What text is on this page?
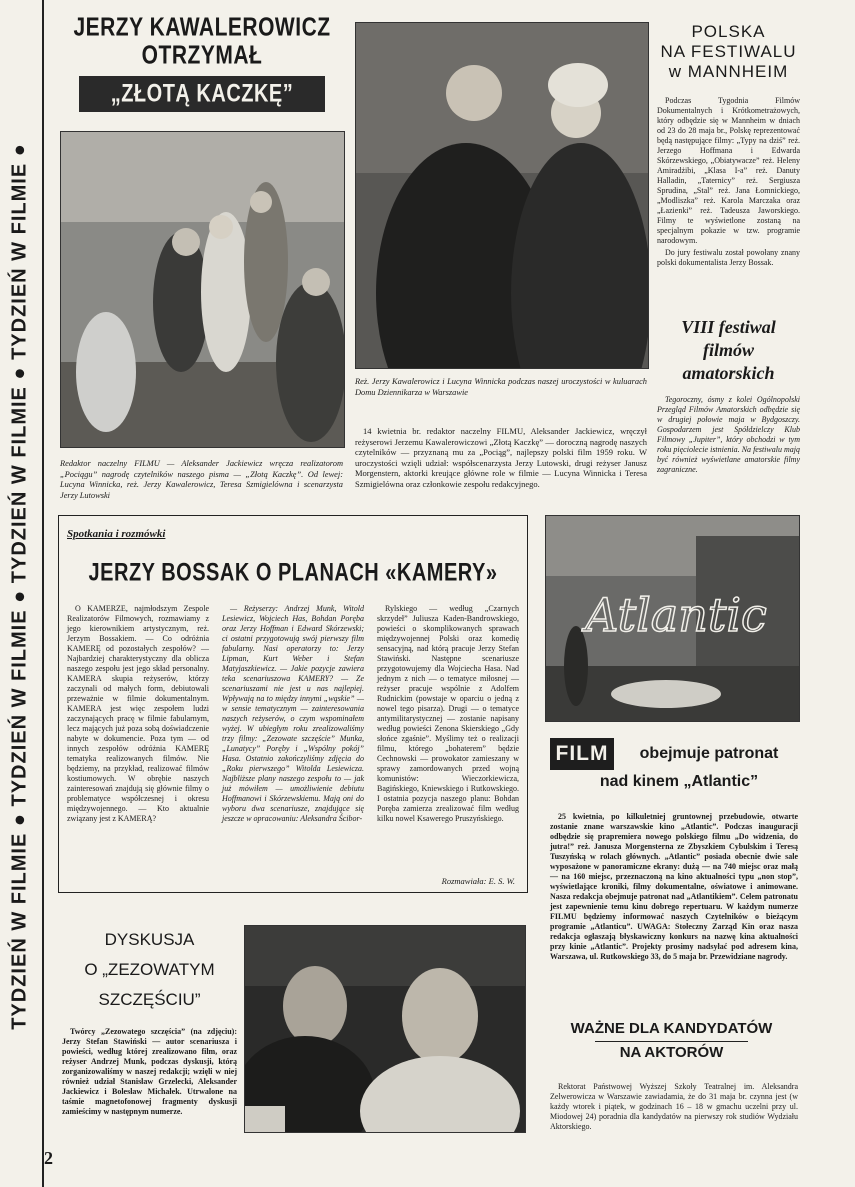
TYDZIEŃ W FILMIE ● TYDZIEŃ W FILMIE ● TYDZIEŃ W FILMIE ● TYDZIEŃ W FILMIE ●
2
JERZY KAWALEROWICZ
OTRZYMAŁ
„ZŁOTĄ KACZKĘ”
Redaktor naczelny FILMU — Aleksander Jackiewicz wręcza realizatorom „Pociągu” nagrodę czytelników naszego pisma — „Złotą Kaczkę”. Od lewej: Lucyna Winnicka, reż. Jerzy Kawalerowicz, Teresa Szmigielówna i scenarzysta Jerzy Lutowski
Reż. Jerzy Kawalerowicz i Lucyna Winnicka podczas naszej uroczystości w kuluarach Domu Dziennikarza w Warszawie

14 kwietnia br. redaktor naczelny FILMU, Aleksander Jackiewicz, wręczył reżyserowi Jerzemu Kawalerowiczowi „Złotą Kaczkę” — doroczną nagrodę naszych czytelników — przyznaną mu za „Pociąg”, najlepszy polski film 1959 roku. W uroczystości wzięli udział: współscenarzysta Jerzy Lutowski, drugi reżyser Janusz Morgenstern, aktorki kreujące główne role w filmie — Lucyna Winnicka i Teresa Szmigielówna oraz członkowie zespołu redakcyjnego.

POLSKA
NA FESTIWALU
w MANNHEIM

Podczas Tygodnia Filmów Dokumentalnych i Krótkometrażowych, który odbędzie się w Mannheim w dniach od 23 do 28 maja br., Polskę reprezentować będą następujące filmy: „Typy na dziś” reż. Jerzego Hoffmana i Edwarda Skórzewskiego, „Obiatywacze” reż. Heleny Amiradżibi, „Klasa I-a” reż. Danuty Halladin, „Taternicy” reż. Sergiusza Sprudina, „Stal” reż. Jana Łomnickiego, „Modliszka” reż. Karola Marczaka oraz „Łazienki” reż. Tadeusza Jaworskiego. Filmy te wyświetlone zostaną na specjalnym pokazie w tzw. programie narodowym.

Do jury festiwalu został powołany znany polski dokumentalista Jerzy Bossak.

VIII festiwal
filmów
amatorskich

Tegoroczny, ósmy z kolei Ogólnopolski Przegląd Filmów Amatorskich odbędzie się w drugiej połowie maja w Bydgoszczy. Gospodarzem jest Spółdzielczy Klub Filmowy „Jupiter”, który obchodzi w tym roku pięciolecie istnienia. Na festiwalu mają być również wyświetlane amatorskie filmy zagraniczne.

Spotkania i rozmówki
JERZY BOSSAK O PLANACH «KAMERY»

O KAMERZE, najmłodszym Zespole Realizatorów Filmowych, rozmawiamy z jego kierownikiem artystycznym, reż. Jerzym Bossakiem. — Co odróżnia KAMERĘ od pozostałych zespołów? — Najbardziej charakterystyczny dla oblicza naszego zespołu jest jego skład personalny. KAMERA skupia reżyserów, którzy zaczynali od małych form, debiutowali przeważnie w filmie dokumentalnym. KAMERA jest więc zespołem ludzi zaczynających pracę w filmie fabularnym, lecz mających już poza sobą doświadczenie nabyte w dokumencie. Poza tym — od innych zespołów odróżnia KAMERĘ tematyka realizowanych filmów. Nie będziemy, na przykład, realizować filmów kostiumowych. W obrębie naszych zainteresowań znajdują się głównie filmy o problematyce współczesnej i okresu międzywojennego. — Kto aktualnie związany jest z KAMERĄ?

— Reżyserzy: Andrzej Munk, Witold Lesiewicz, Wojciech Has, Bohdan Poręba oraz Jerzy Hoffman i Edward Skórzewski; ci ostatni przygotowują swój pierwszy film fabularny. Nasi operatorzy to: Jerzy Lipman, Kurt Weber i Stefan Matyjaszkiewicz. — Jakie pozycje zawiera teka scenariuszowa KAMERY? — Ze scenariuszami nie jest u nas najlepiej. Wpływają na to między innymi „wąskie” — w sensie tematycznym — zainteresowania naszych reżyserów, o czym wspominałem wyżej. W ubiegłym roku zrealizowaliśmy trzy filmy: „Zezowate szczęście” Munka, „Lunatycy” Poręby i „Wspólny pokój” Hasa. Ostatnio zakończyliśmy zdjęcia do „Roku pierwszego” Witolda Lesiewicza. Najbliższe plany naszego zespołu to — jak już mówiłem — umożliwienie debiutu Hoffmanowi i Skórzewskiemu. Mają oni do wyboru dwa scenariusze, znajdujące się jeszcze w opracowaniu: Aleksandra Ścibor-

Rylskiego — według „Czarnych skrzydeł” Juliusza Kaden-Bandrowskiego, powieści o skomplikowanych sprawach międzywojennej Polski oraz komedię sensacyjną, nad którą pracuje Jerzy Stefan Stawiński. Następne scenariusze przygotowujemy dla Wojciecha Hasa. Nad jednym z nich — o tematyce miłosnej — reżyser pracuje wspólnie z Adolfem Rudnickim (powstaje w oparciu o jedną z nowel tego pisarza). Drugi — o tematyce antymilitarystycznej — zostanie napisany według powieści Zenona Skierskiego „Gdy słońce zgaśnie”. Myślimy też o realizacji filmu, którego „bohaterem” będzie Cechnowski — prowokator zamieszany w sprawy zamordowanych przed wojną komunistów: Wieczorkiewicza, Bagińskiego, Kniewskiego i Rutkowskiego. I ostatnia pozycja naszego planu: Bohdan Poręba zamierza zrealizować film według kilku nowel Ksawerego Pruszyńskiego.

Rozmawiała: E. S. W.
Atlantic
FILM	obejmuje patronat
nad kinem „Atlantic”

25 kwietnia, po kilkuletniej gruntownej przebudowie, otwarte zostanie znane warszawskie kino „Atlantic”. Podczas inauguracji odbędzie się prapremiera nowego polskiego filmu „Do widzenia, do jutra!” reż. Janusza Morgensterna ze Zbyszkiem Cybulskim i Teresą Tuszyńską w rolach głównych. „Atlantic” posiada obecnie dwie sale wyposażone w panoramiczne ekrany: dużą — na 740 miejsc oraz małą — na 160 miejsc, przeznaczoną na kino aktualności typu „non stop”, wyświetlające kroniki, filmy dokumentalne, oświatowe i animowane. Nasza redakcja obejmuje patronat nad „Atlantikiem”. Celem patronatu jest zapewnienie temu kinu dobrego repertuaru. W każdym numerze FILMU będziemy informować naszych Czytelników o bieżącym programie „Atlanticu”. UWAGA: Stołeczny Zarząd Kin oraz nasza redakcja ogłaszają błyskawiczny konkurs na nazwę kina aktualności przy kinie „Atlantic”. Projekty prosimy nadsyłać pod adresem kina, Warszawa, ul. Rutkowskiego 33, do 5 maja br. Przewidziane nagrody.

DYSKUSJA
O „ZEZOWATYM
SZCZĘŚCIU”

Twórcy „Zezowatego szczęścia” (na zdjęciu): Jerzy Stefan Stawiński — autor scenariusza i powieści, według której zrealizowano film, oraz reżyser Andrzej Munk, podczas dyskusji, którą zorganizowaliśmy w naszej redakcji; wzięli w niej również udział Stanisław Grzelecki, Aleksander Jackiewicz i Bolesław Michałek. Utrwalone na taśmie magnetofonowej fragmenty dyskusji zamieścimy w następnym numerze.

WAŻNE DLA KANDYDATÓW
NA AKTORÓW

Rektorat Państwowej Wyższej Szkoły Teatralnej im. Aleksandra Zelwerowicza w Warszawie zawiadamia, że do 31 maja br. czynna jest (w każdy wtorek i piątek, w godzinach 16 – 18 w gmachu uczelni przy ul. Miodowej 24) poradnia dla kandydatów na pierwszy rok studiów Wydziału Aktorskiego.
